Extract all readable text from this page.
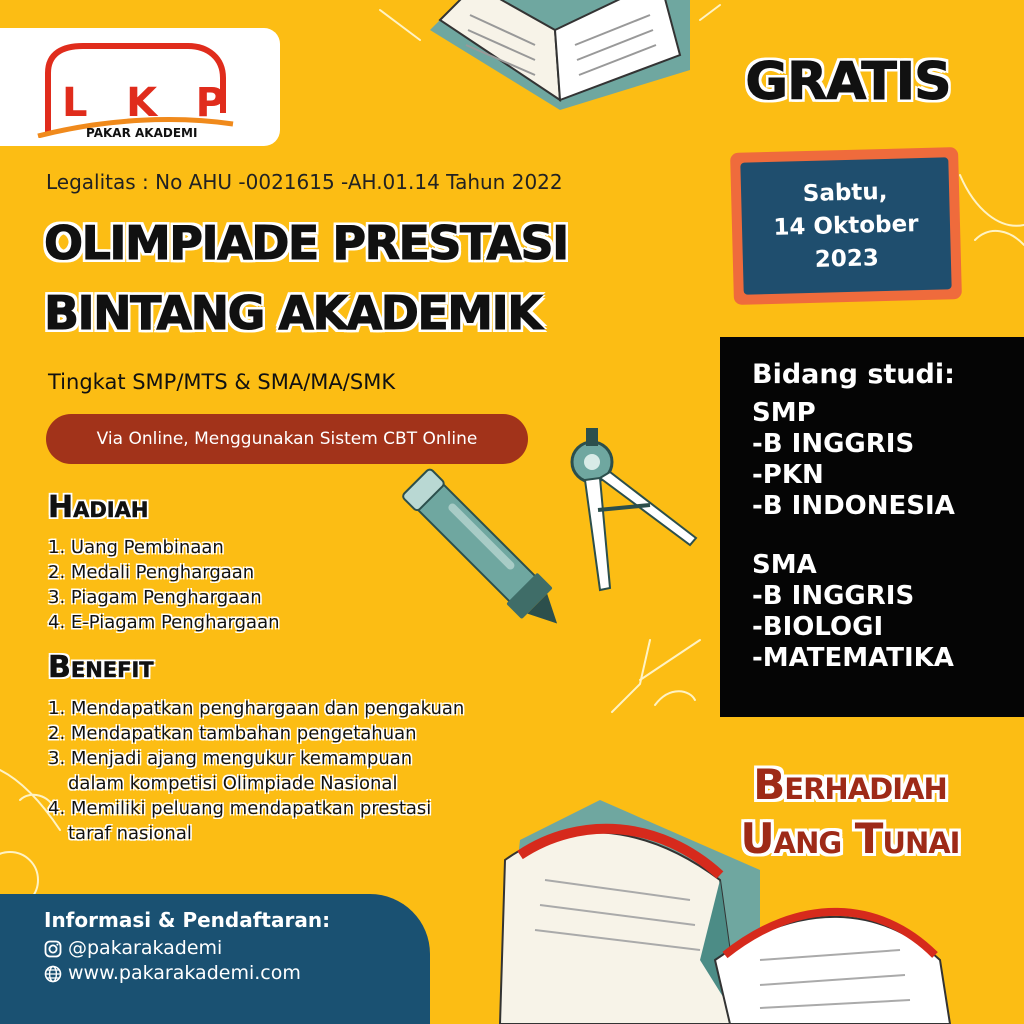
L K P
PAKAR AKADEMI
Legalitas : No AHU -0021615 -AH.01.14 Tahun 2022
OLIMPIADE PRESTASI
BINTANG AKADEMIK
Tingkat SMP/MTS & SMA/MA/SMK
Via Online, Menggunakan Sistem CBT Online
Hadiah
1. Uang Pembinaan
2. Medali Penghargaan
3. Piagam Penghargaan
4. E-Piagam Penghargaan
Benefit
1. Mendapatkan penghargaan dan pengakuan
2. Mendapatkan tambahan pengetahuan
3. Menjadi ajang mengukur kemampuan
dalam kompetisi Olimpiade Nasional
4. Memiliki peluang mendapatkan prestasi
taraf nasional
GRATIS
Sabtu,
14 Oktober
2023
Bidang studi:
SMP
-B INGGRIS
-PKN
-B INDONESIA
SMA
-B INGGRIS
-BIOLOGI
-MATEMATIKA
Berhadiah
Uang Tunai
Informasi & Pendaftaran:
@pakarakademi
www.pakarakademi.com
